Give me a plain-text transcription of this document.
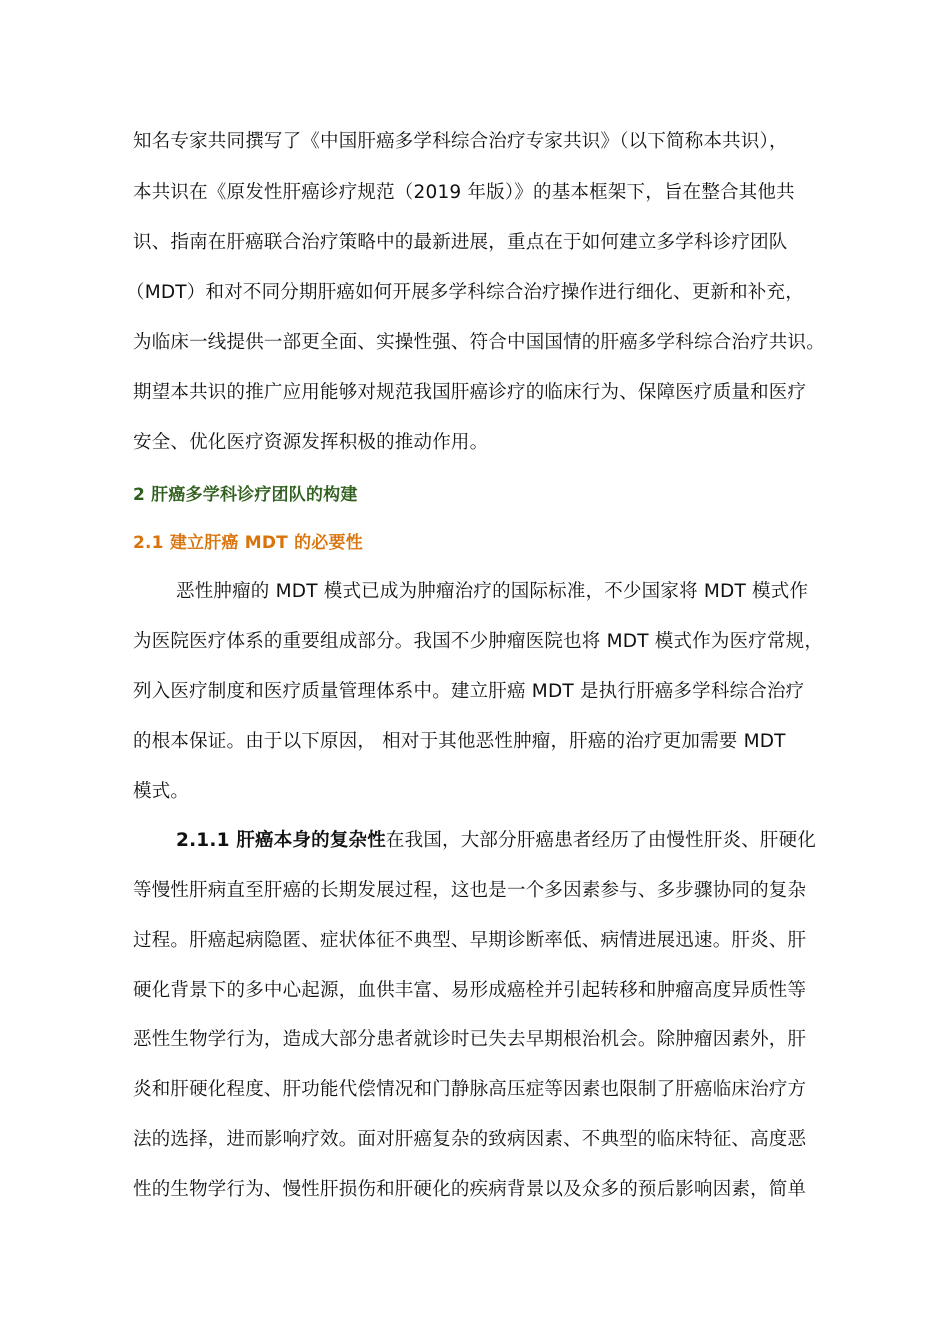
知名专家共同撰写了《中国肝癌多学科综合治疗专家共识》（以下简称本共识），
本共识在《原发性肝癌诊疗规范（2019 年版）》的基本框架下，旨在整合其他共
识、指南在肝癌联合治疗策略中的最新进展，重点在于如何建立多学科诊疗团队
（MDT）和对不同分期肝癌如何开展多学科综合治疗操作进行细化、更新和补充，
为临床一线提供一部更全面、实操性强、符合中国国情的肝癌多学科综合治疗共识。
期望本共识的推广应用能够对规范我国肝癌诊疗的临床行为、保障医疗质量和医疗
安全、优化医疗资源发挥积极的推动作用。
2 肝癌多学科诊疗团队的构建
2.1 建立肝癌 MDT 的必要性
恶性肿瘤的 MDT 模式已成为肿瘤治疗的国际标准，不少国家将 MDT 模式作
为医院医疗体系的重要组成部分。我国不少肿瘤医院也将 MDT 模式作为医疗常规，
列入医疗制度和医疗质量管理体系中。建立肝癌 MDT 是执行肝癌多学科综合治疗
的根本保证。由于以下原因， 相对于其他恶性肿瘤，肝癌的治疗更加需要 MDT
模式。
2.1.1 肝癌本身的复杂性在我国，大部分肝癌患者经历了由慢性肝炎、肝硬化
等慢性肝病直至肝癌的长期发展过程，这也是一个多因素参与、多步骤协同的复杂
过程。肝癌起病隐匿、症状体征不典型、早期诊断率低、病情进展迅速。肝炎、肝
硬化背景下的多中心起源，血供丰富、易形成癌栓并引起转移和肿瘤高度异质性等
恶性生物学行为，造成大部分患者就诊时已失去早期根治机会。除肿瘤因素外，肝
炎和肝硬化程度、肝功能代偿情况和门静脉高压症等因素也限制了肝癌临床治疗方
法的选择，进而影响疗效。面对肝癌复杂的致病因素、不典型的临床特征、高度恶
性的生物学行为、慢性肝损伤和肝硬化的疾病背景以及众多的预后影响因素，简单
